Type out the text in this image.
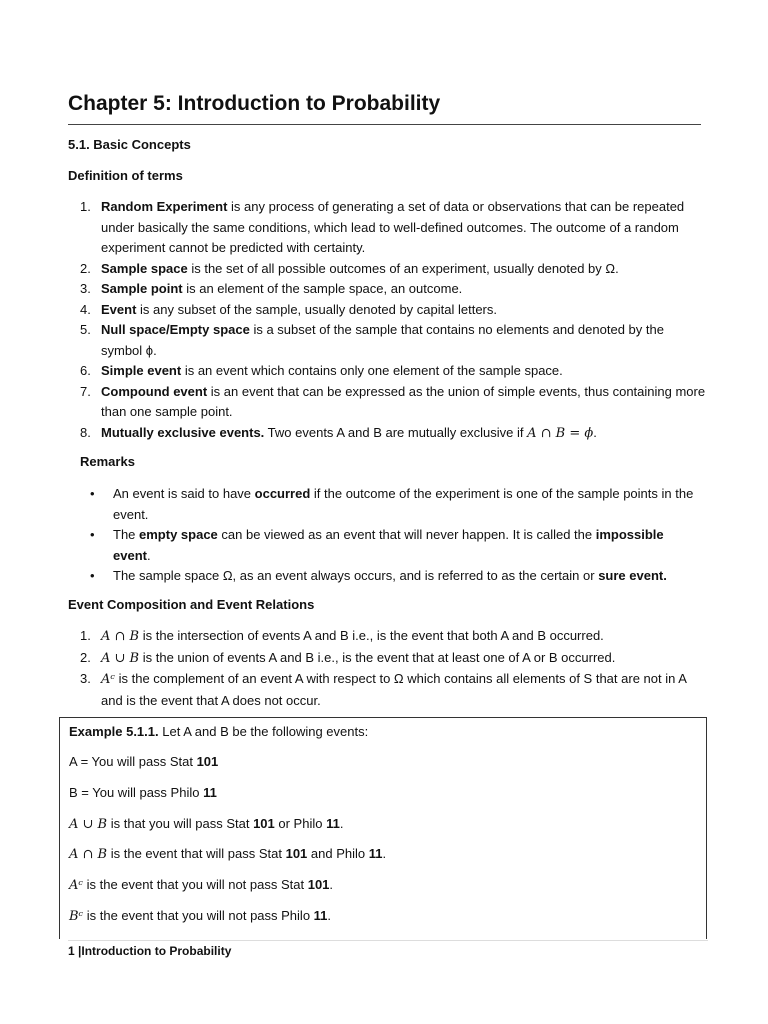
Chapter 5: Introduction to Probability

5.1. Basic Concepts

Definition of terms

1. Random Experiment is any process of generating a set of data or observations that can be repeated under basically the same conditions, which lead to well-defined outcomes. The outcome of a random experiment cannot be predicted with certainty.
2. Sample space is the set of all possible outcomes of an experiment, usually denoted by Ω.
3. Sample point is an element of the sample space, an outcome.
4. Event is any subset of the sample, usually denoted by capital letters.
5. Null space/Empty space is a subset of the sample that contains no elements and denoted by the symbol ϕ.
6. Simple event is an event which contains only one element of the sample space.
7. Compound event is an event that can be expressed as the union of simple events, thus containing more than one sample point.
8. Mutually exclusive events. Two events A and B are mutually exclusive if A ∩ B = ϕ.

Remarks

• An event is said to have occurred if the outcome of the experiment is one of the sample points in the event.
• The empty space can be viewed as an event that will never happen. It is called the impossible event.
• The sample space Ω, as an event always occurs, and is referred to as the certain or sure event.

Event Composition and Event Relations

1. A ∩ B is the intersection of events A and B i.e., is the event that both A and B occurred.
2. A ∪ B is the union of events A and B i.e., is the event that at least one of A or B occurred.
3. Aᶜ is the complement of an event A with respect to Ω which contains all elements of S that are not in A and is the event that A does not occur.

Example 5.1.1. Let A and B be the following events:

A = You will pass Stat 101

B = You will pass Philo 11

A ∪ B is that you will pass Stat 101 or Philo 11.

A ∩ B is the event that will pass Stat 101 and Philo 11.

Aᶜ is the event that you will not pass Stat 101.

Bᶜ is the event that you will not pass Philo 11.

1 |Introduction to Probability
